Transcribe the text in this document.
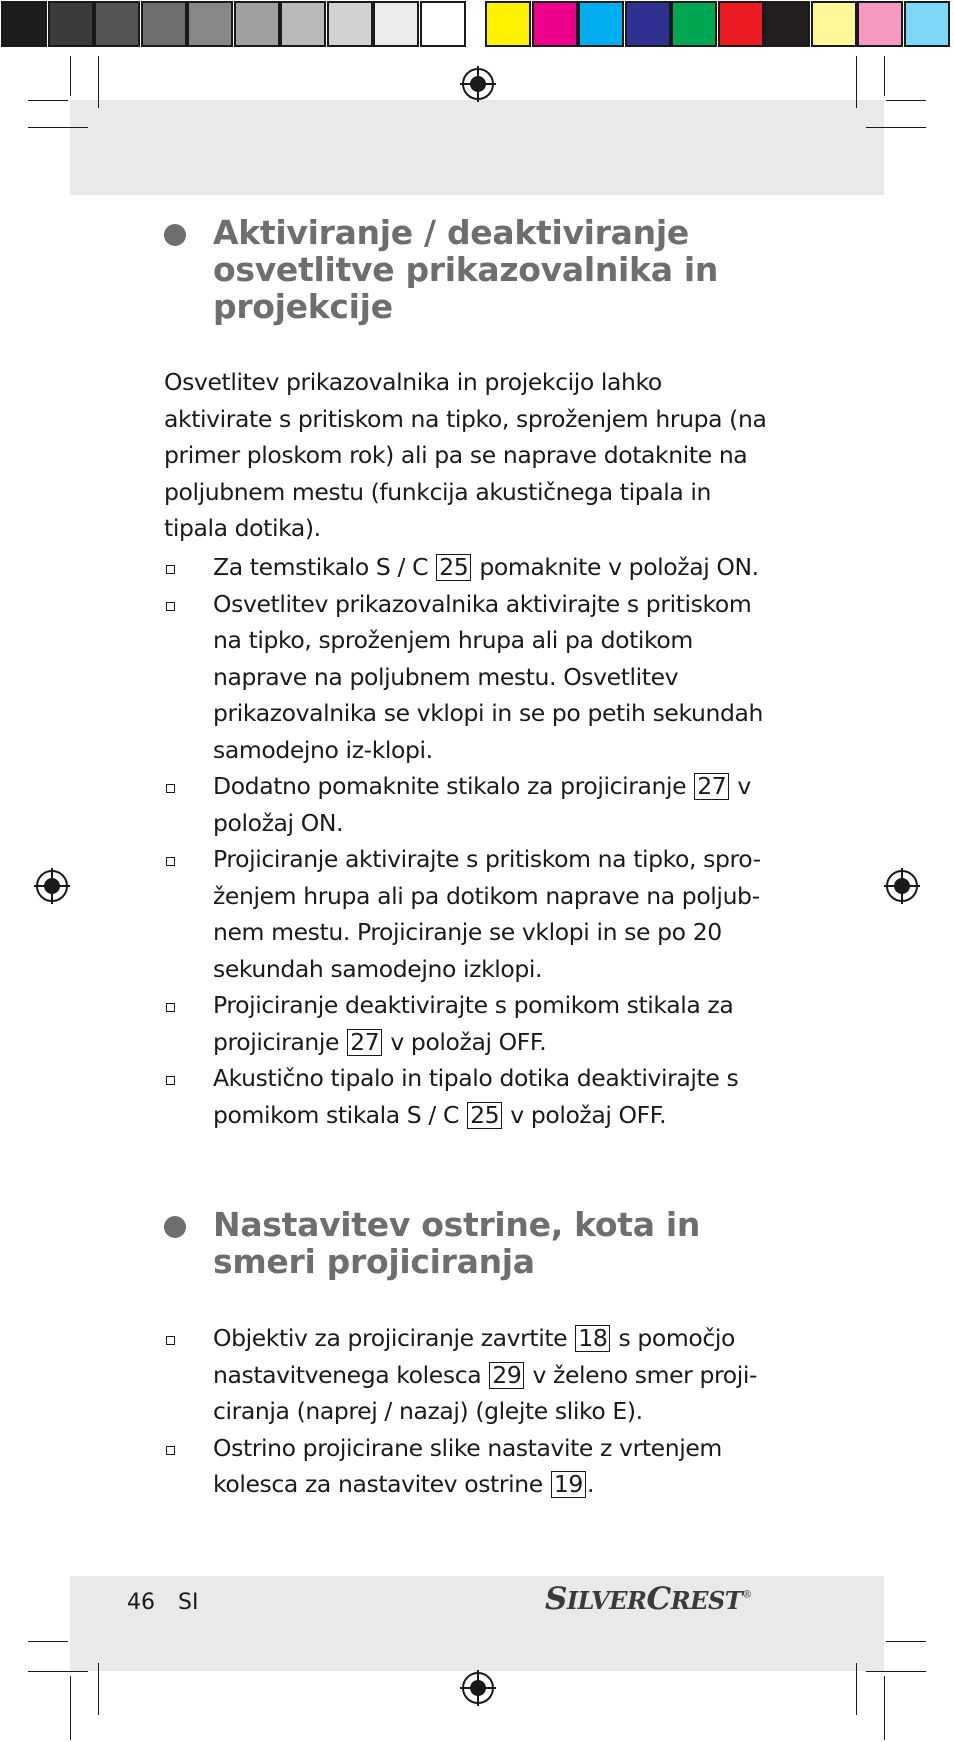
Aktiviranje / deaktiviranje osvetlitve prikazovalnika in projekcije

Osvetlitev prikazovalnika in projekcijo lahko aktivirate s pritiskom na tipko, sproženjem hrupa (na primer ploskom rok) ali pa se naprave dotaknite na poljubnem mestu (funkcija akustičnega tipala in tipala dotika).

Za temstikalo S / C 25 pomaknite v položaj ON.
Osvetlitev prikazovalnika aktivirajte s pritiskom na tipko, sproženjem hrupa ali pa dotikom naprave na poljubnem mestu. Osvetlitev prikazovalnika se vklopi in se po petih sekundah samodejno iz-klopi.
Dodatno pomaknite stikalo za projiciranje 27 v položaj ON.
Projiciranje aktivirajte s pritiskom na tipko, spro-ženjem hrupa ali pa dotikom naprave na poljub-nem mestu. Projiciranje se vklopi in se po 20 sekundah samodejno izklopi.
Projiciranje deaktivirajte s pomikom stikala za projiciranje 27 v položaj OFF.
Akustično tipalo in tipalo dotika deaktivirajte s pomikom stikala S / C 25 v položaj OFF.
Nastavitev ostrine, kota in smeri projiciranja
Objektiv za projiciranje zavrtite 18 s pomočjo nastavitvenega kolesca 29 v želeno smer proji-ciranja (naprej / nazaj) (glejte sliko E).
Ostrino projicirane slike nastavite z vrtenjem kolesca za nastavitev ostrine 19 .
46 SI	SILVERCREST®
